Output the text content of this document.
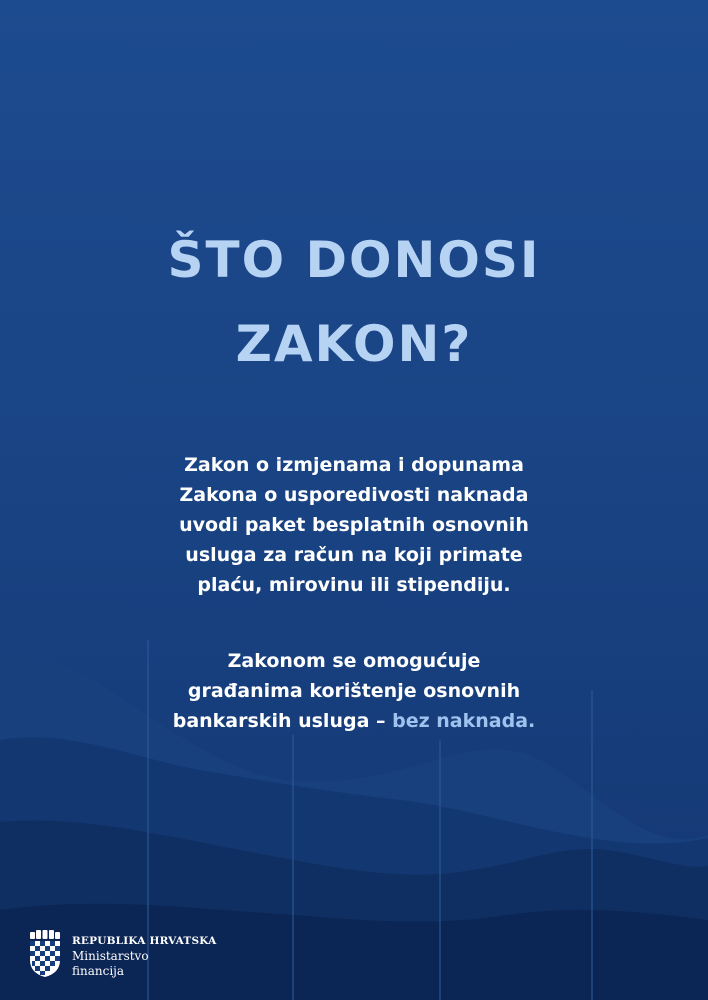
ŠTO DONOSI
ZAKON?

Zakon o izmjenama i dopunama
Zakona o usporedivosti naknada
uvodi paket besplatnih osnovnih
usluga za račun na koji primate
plaću, mirovinu ili stipendiju.

Zakonom se omogućuje
građanima korištenje osnovnih
bankarskih usluga – bez naknada.

REPUBLIKA HRVATSKA
Ministarstvo
financija
